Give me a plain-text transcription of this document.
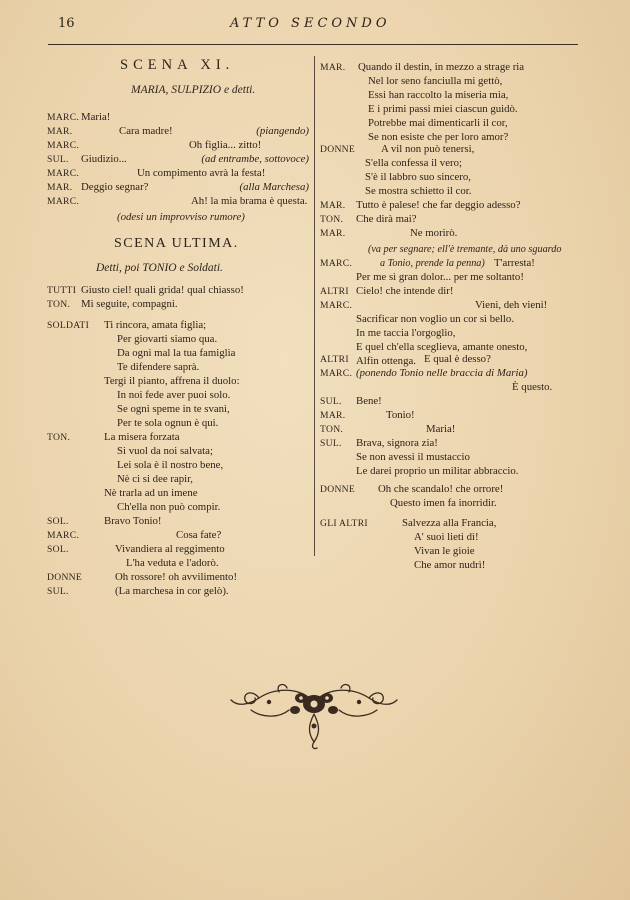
16	ATTO SECONDO
SCENA XI.
MARIA, SULPIZIO e detti.
MARC. Maria!
MAR.	Cara madre!	(piangendo)
MARC.	Oh figlia... zitto!
SUL. Giudizio...	(ad entrambe, sottovoce)
MARC.	Un compimento avrà la festa!
MAR. Deggio segnar?	(alla Marchesa)
MARC.	Ah! la mia brama è questa.
(odesi un improvviso rumore)
SCENA ULTIMA.
Detti, poi TONIO e Soldati.
TUTTI Giusto ciel! quali grida! qual chiasso!
TON. Mi seguite, compagni.
SOLDATI Ti rincora, amata figlia;
Per giovarti siamo qua.
Da ogni mal la tua famiglia
Te difendere saprà.
Tergi il pianto, affrena il duolo:
In noi fede aver puoi solo.
Se ogni speme in te svanì,
Per te sola ognun è qui.
TON.	La misera forzata
Si vuol da noi salvata;
Lei sola è il nostro bene,
Nè ci si dee rapir,
Nè trarla ad un imene
Ch'ella non può compir.
SOL.	Bravo Tonio!
MARC.	Cosa fate?
SOL.	Vivandiera al reggimento
L'ha veduta e l'adorò.
DONNE	Oh rossore! oh avvilimento!
SUL.	(La marchesa in cor gelò).
MAR. Quando il destin, in mezzo a strage ria
Nel lor seno fanciulla mi gettò,
Essi han raccolto la miseria mia,
E i primi passi miei ciascun guidò.
Potrebbe mai dimenticarli il cor,
Se non esiste che per loro amor?
DONNE A vil non può tenersi,
S'ella confessa il vero;
S'è il labbro suo sincero,
Se mostra schietto il cor.
MAR. Tutto è palese! che far deggio adesso?
TON. Che dirà mai?
MAR.	Ne morirò.
(va per segnare; ell'è tremante, dà uno sguardo
a Tonio, prende la penna)
MARC.	T'arresta!
Per me sì gran dolor... per me soltanto!
ALTRI Cielo! che intende dir!
MARC.	Vieni, deh vieni!
Sacrificar non voglio un cor sì bello.
In me taccia l'orgoglio,
E quel ch'ella sceglieva, amante onesto,
Alfin ottenga.
ALTRI	E qual è desso?
MARC. (ponendo Tonio nelle braccia di Maria)
È questo.
SUL. Bene!
MAR.	Tonio!
TON.	Maria!
SUL. Brava, signora zia!
Se non avessi il mustaccio
Le darei proprio un militar abbraccio.
DONNE Oh che scandalo! che orrore!
Questo imen fa inorridir.
GLI ALTRI	Salvezza alla Francia,
A' suoi lieti dì!
Vivan le gioie
Che amor nudrì!
